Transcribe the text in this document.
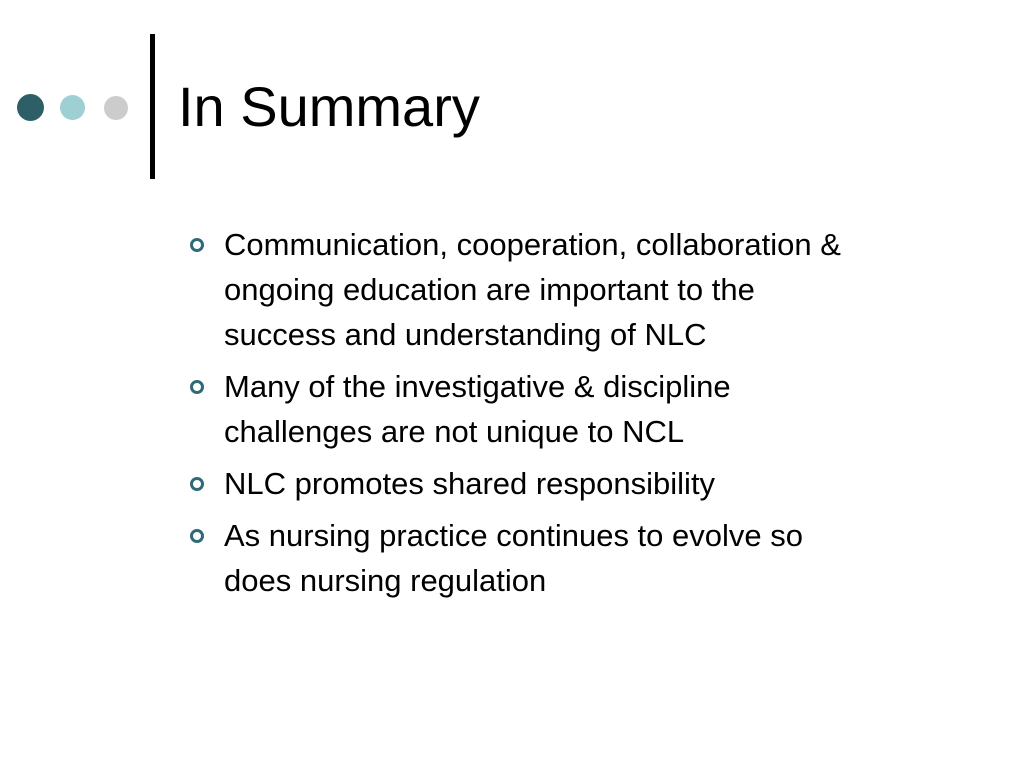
In Summary
Communication, cooperation, collaboration & ongoing education are important to the success and understanding of NLC
Many of the investigative & discipline challenges are not unique to NCL
NLC promotes shared responsibility
As nursing practice continues to evolve so does nursing regulation
